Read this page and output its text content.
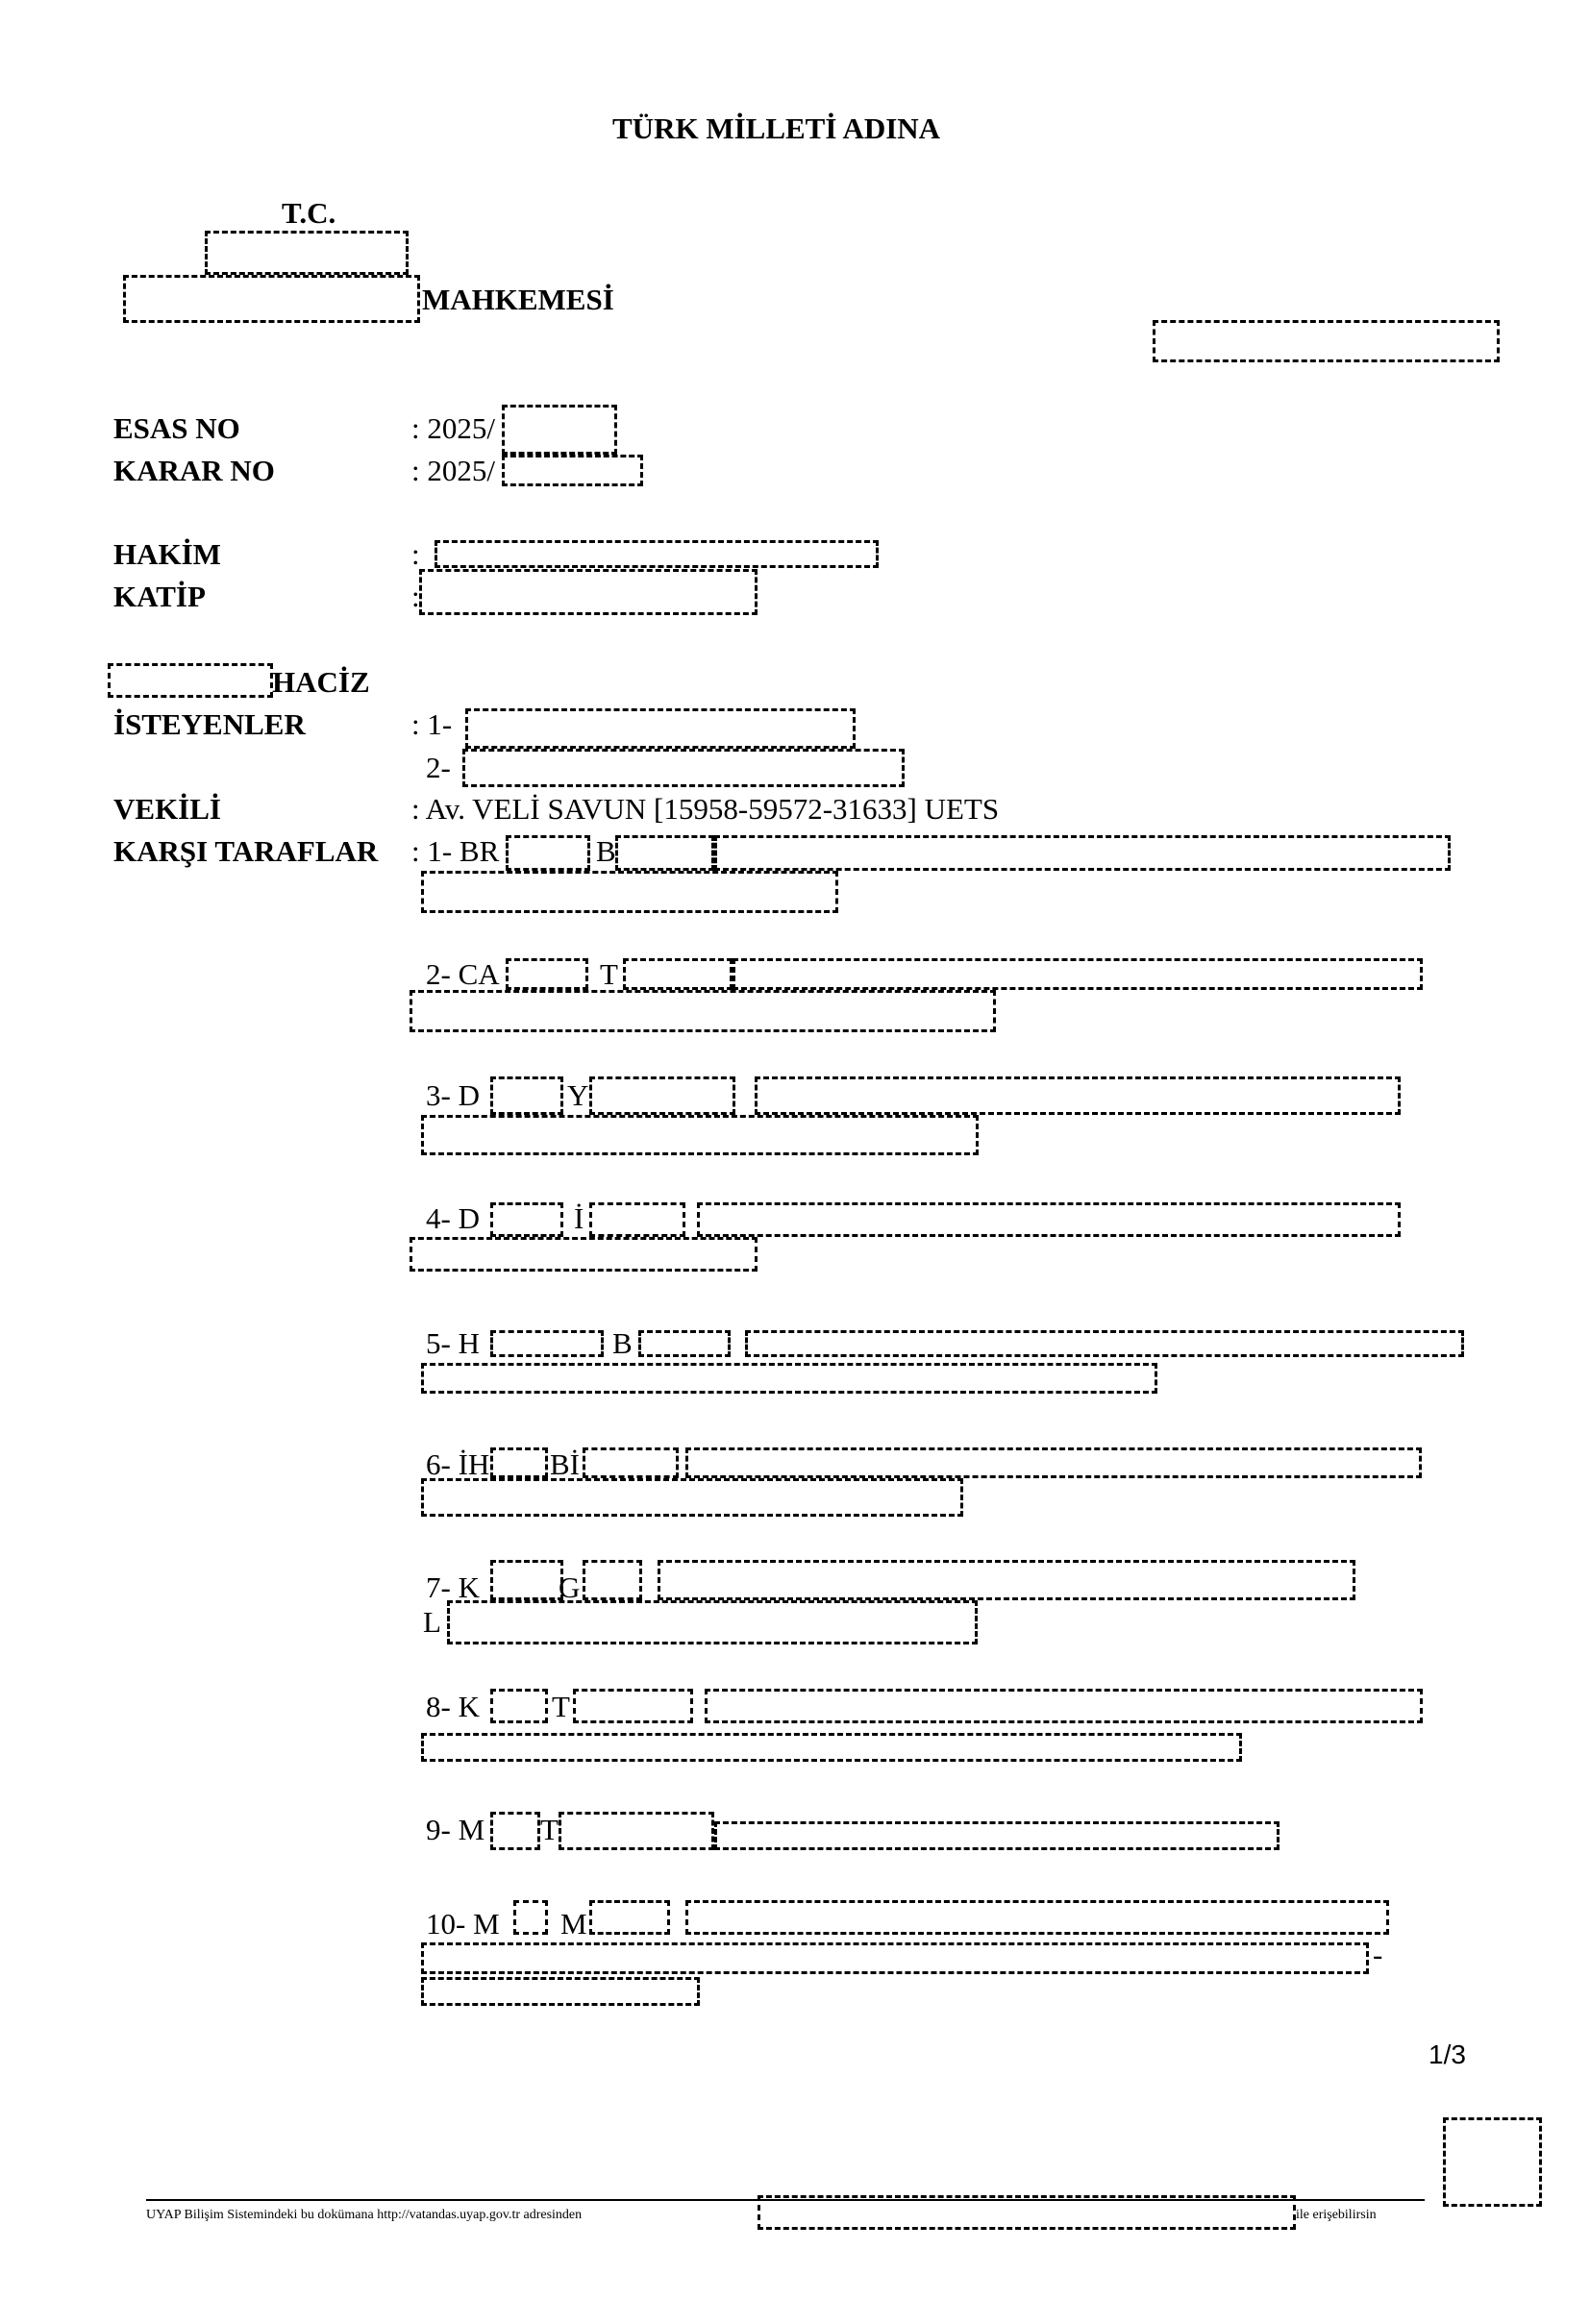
TÜRK MİLLETİ ADINA
T.C.
MAHKEMESİ
ESAS NO	: 2025/
KARAR NO	: 2025/
HAKİM	:
KATİP	:
HACİZ
İSTEYENLER	: 1-
2-
VEKİLİ	: Av. VELİ SAVUN [15958-59572-31633] UETS
KARŞI TARAFLAR : 1- BR	B
2- CA	T
3- D	Y
4- D	İ
5- H	B
6- İH Bİ
7- K	G
L
8- K T
9- M T
10- M M
-
1/3
UYAP Bilişim Sistemindeki bu dokümana http://vatandas.uyap.gov.tr adresinden	ile erişebilirsin
